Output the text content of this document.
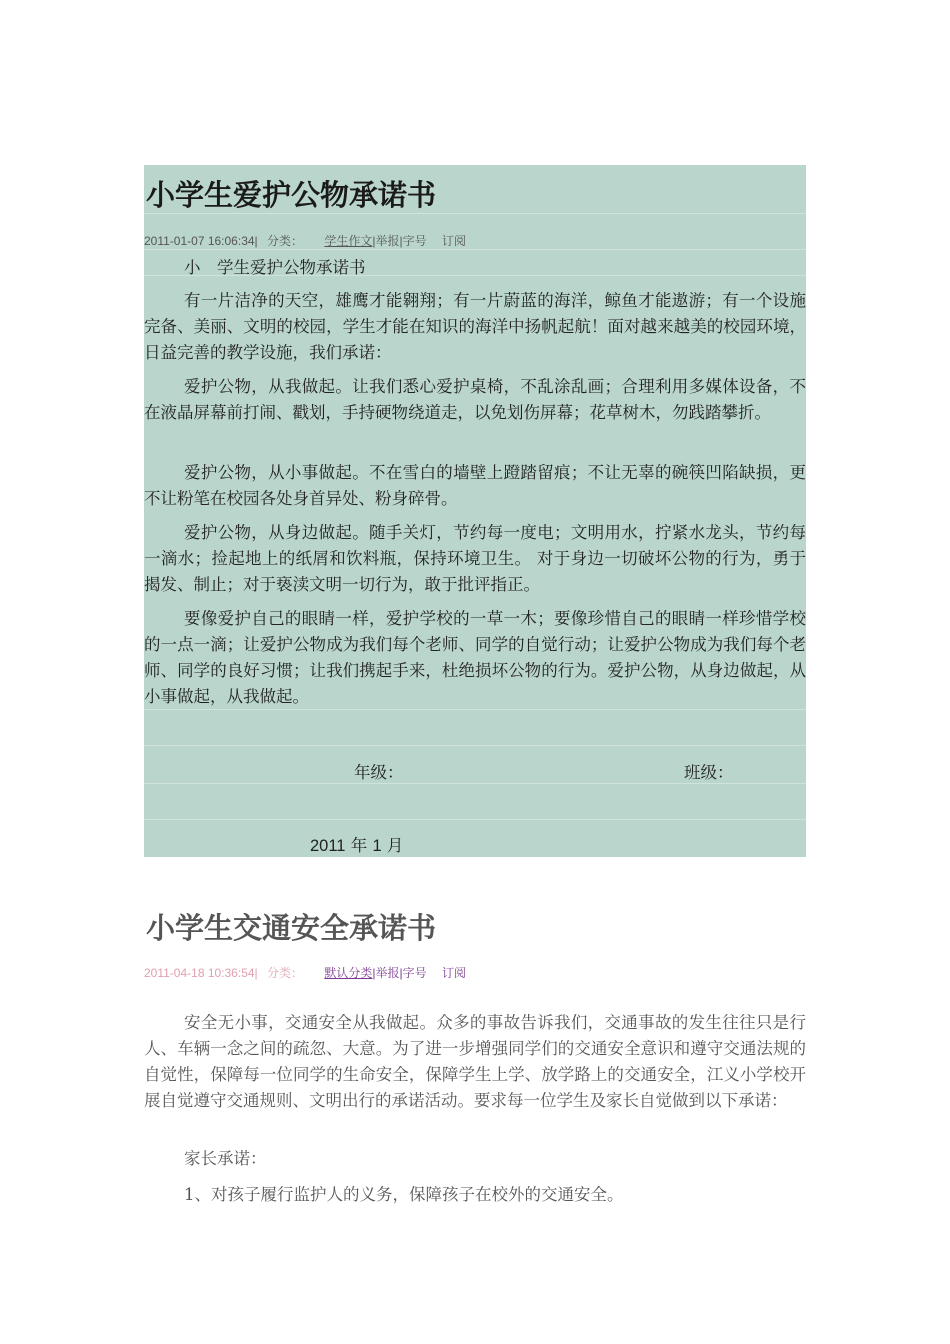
小学生爱护公物承诺书
2011-01-07 16:06:34| 分类： 学生作文|举报|字号 订阅
小　学生爱护公物承诺书
有一片洁净的天空，雄鹰才能翱翔；有一片蔚蓝的海洋，鲸鱼才能遨游；有一个设施完备、美丽、文明的校园，学生才能在知识的海洋中扬帆起航！面对越来越美的校园环境，日益完善的教学设施，我们承诺：
爱护公物，从我做起。让我们悉心爱护桌椅，不乱涂乱画；合理利用多媒体设备，不在液晶屏幕前打闹、戳划，手持硬物绕道走，以免划伤屏幕；花草树木，勿践踏攀折。
爱护公物，从小事做起。不在雪白的墙壁上蹬踏留痕；不让无辜的碗筷凹陷缺损，更不让粉笔在校园各处身首异处、粉身碎骨。
爱护公物，从身边做起。随手关灯，节约每一度电；文明用水，拧紧水龙头，节约每一滴水；捡起地上的纸屑和饮料瓶，保持环境卫生。 对于身边一切破坏公物的行为，勇于揭发、制止；对于亵渎文明一切行为，敢于批评指正。
要像爱护自己的眼睛一样，爱护学校的一草一木；要像珍惜自己的眼睛一样珍惜学校的一点一滴；让爱护公物成为我们每个老师、同学的自觉行动；让爱护公物成为我们每个老师、同学的良好习惯；让我们携起手来，杜绝损坏公物的行为。爱护公物，从身边做起，从小事做起，从我做起。
年级：	班级：
2011 年 1 月
小学生交通安全承诺书
2011-04-18 10:36:54| 分类： 默认分类|举报|字号 订阅
安全无小事，交通安全从我做起。众多的事故告诉我们，交通事故的发生往往只是行人、车辆一念之间的疏忽、大意。为了进一步增强同学们的交通安全意识和遵守交通法规的自觉性，保障每一位同学的生命安全，保障学生上学、放学路上的交通安全，江义小学校开展自觉遵守交通规则、文明出行的承诺活动。要求每一位学生及家长自觉做到以下承诺：
家长承诺：
1、对孩子履行监护人的义务，保障孩子在校外的交通安全。
